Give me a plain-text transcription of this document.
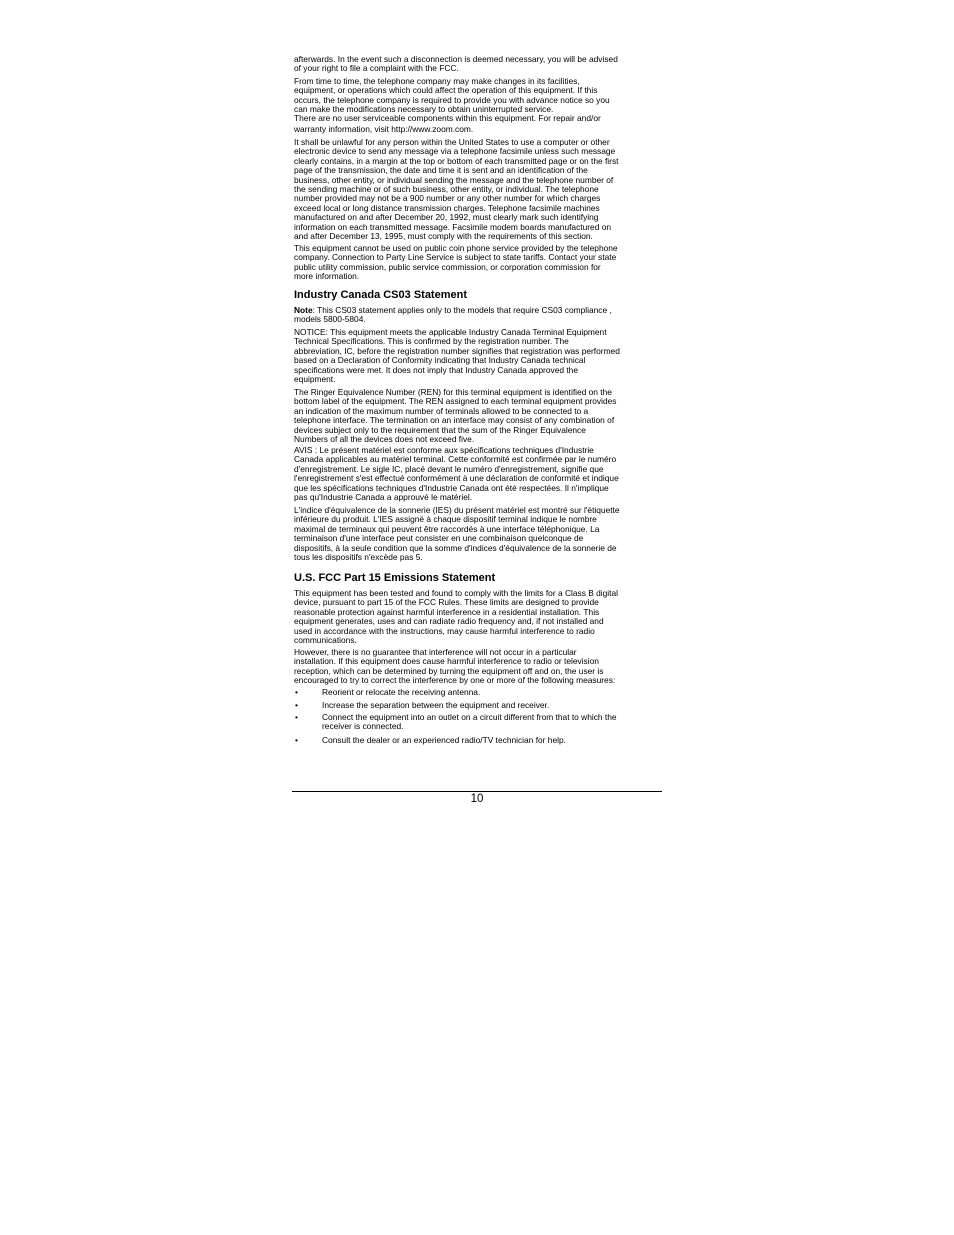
afterwards. In the event such a disconnection is deemed necessary, you will be advised
of your right to file a complaint with the FCC.
From time to time, the telephone company may make changes in its facilities,
equipment, or operations which could affect the operation of this equipment. If this
occurs, the telephone company is required to provide you with advance notice so you
can make the modifications necessary to obtain uninterrupted service.
There are no user serviceable components within this equipment. For repair and/or
warranty information, visit http://www.zoom.com.
It shall be unlawful for any person within the United States to use a computer or other
electronic device to send any message via a telephone facsimile unless such message
clearly contains, in a margin at the top or bottom of each transmitted page or on the first
page of the transmission, the date and time it is sent and an identification of the
business, other entity, or individual sending the message and the telephone number of
the sending machine or of such business, other entity, or individual. The telephone
number provided may not be a 900 number or any other number for which charges
exceed local or long distance transmission charges. Telephone facsimile machines
manufactured on and after December 20, 1992, must clearly mark such identifying
information on each transmitted message. Facsimile modem boards manufactured on
and after December 13, 1995, must comply with the requirements of this section.
This equipment cannot be used on public coin phone service provided by the telephone
company. Connection to Party Line Service is subject to state tariffs. Contact your state
public utility commission, public service commission, or corporation commission for
more information.
Industry Canada CS03 Statement
Note: This CS03 statement applies only to the models that require CS03 compliance ,
models 5800-5804.
NOTICE: This equipment meets the applicable Industry Canada Terminal Equipment
Technical Specifications. This is confirmed by the registration number. The
abbreviation, IC, before the registration number signifies that registration was performed
based on a Declaration of Conformity indicating that Industry Canada technical
specifications were met. It does not imply that Industry Canada approved the
equipment.
The Ringer Equivalence Number (REN) for this terminal equipment is identified on the
bottom label of the equipment. The REN assigned to each terminal equipment provides
an indication of the maximum number of terminals allowed to be connected to a
telephone interface. The termination on an interface may consist of any combination of
devices subject only to the requirement that the sum of the Ringer Equivalence
Numbers of all the devices does not exceed five.
AVIS : Le présent matériel est conforme aux spécifications techniques d'Industrie
Canada applicables au matériel terminal. Cette conformité est confirmée par le numéro
d'enregistrement. Le sigle IC, placé devant le numéro d'enregistrement, signifie que
l'enregistrement s'est effectué conformément à une déclaration de conformité et indique
que les spécifications techniques d'Industrie Canada ont été respectées. Il n'implique
pas qu'Industrie Canada a approuvé le matériel.
L'indice d'équivalence de la sonnerie (IES) du présent matériel est montré sur l'étiquette
inférieure du produit. L'IES assigné à chaque dispositif terminal indique le nombre
maximal de terminaux qui peuvent être raccordés à une interface téléphonique. La
terminaison d'une interface peut consister en une combinaison quelconque de
dispositifs, à la seule condition que la somme d'indices d'équivalence de la sonnerie de
tous les dispositifs n'excède pas 5.
U.S. FCC Part 15 Emissions Statement
This equipment has been tested and found to comply with the limits for a Class B digital
device, pursuant to part 15 of the FCC Rules. These limits are designed to provide
reasonable protection against harmful interference in a residential installation. This
equipment generates, uses and can radiate radio frequency and, if not installed and
used in accordance with the instructions, may cause harmful interference to radio
communications.
However, there is no guarantee that interference will not occur in a particular
installation. If this equipment does cause harmful interference to radio or television
reception, which can be determined by turning the equipment off and on, the user is
encouraged to try to correct the interference by one or more of the following measures:
•	Reorient or relocate the receiving antenna.
•	Increase the separation between the equipment and receiver.
•	Connect the equipment into an outlet on a circuit different from that to which the
receiver is connected.
•	Consult the dealer or an experienced radio/TV technician for help.
10
